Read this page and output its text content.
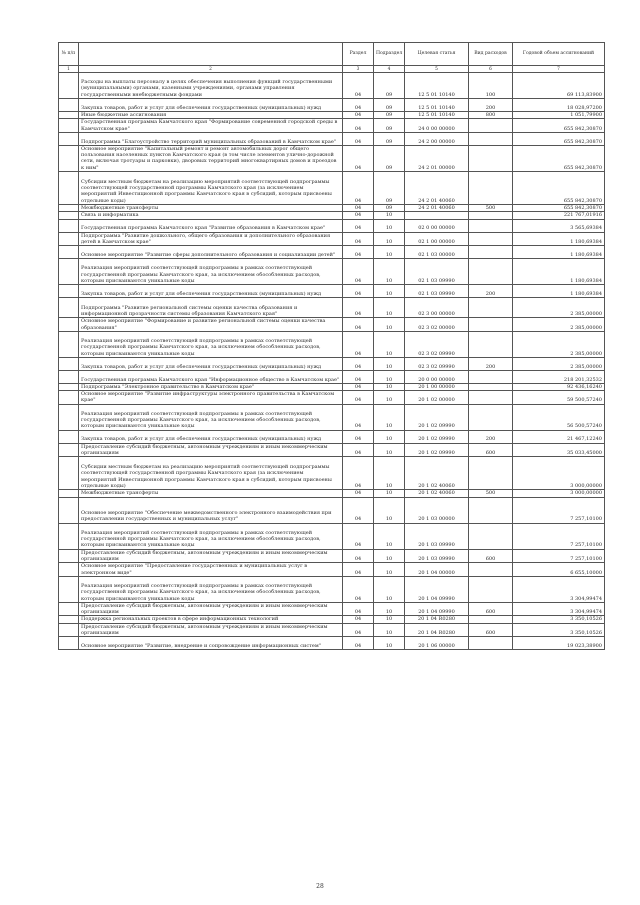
№ п/п		Раздел	Подраздел	Целевая статья	Вид расходов	Годовой объем ассигнований
1	2	3	4	5	6	7
	Расходы на выплаты персоналу в целях обеспечения выполнения функций государственными (муниципальными) органами, казенными учреждениями, органами управления государственными внебюджетными фондами	04	09	12 5 01 10140	100	69 113,83900
	Закупка товаров, работ и услуг для обеспечения государственных (муниципальных) нужд	04	09	12 5 01 10140	200	18 028,97200
	Иные бюджетные ассигнования	04	09	12 5 01 10140	800	1 051,79900
	Государственная программа Камчатского края "Формирование современной городской среды в Камчатском крае"	04	09	24 0 00 00000		655 842,30870
	Подпрограмма "Благоустройство территорий муниципальных образований в Камчатском крае"	04	09	24 2 00 00000		655 842,30870
	Основное мероприятие "Капитальный ремонт и ремонт автомобильных дорог общего пользования населенных пунктов Камчатского края (в том числе элементов улично-дорожной сети, включая тротуары и парковки), дворовых территорий многоквартирных домов и проездов к ним"	04	09	24 2 01 00000		655 842,30870
	Субсидии местным бюджетам на реализацию мероприятий соответствующей подпрограммы соответствующей государственной программы Камчатского края (за исключением мероприятий Инвестиционной программы Камчатского края в субсидий, которым присвоены отдельные коды)	04	09	24 2 01 40060		655 842,30870
	Межбюджетные трансферты	04	09	24 2 01 40060	500	655 842,30870
	Связь и информатика	04	10			221 767,01916
	Государственная программа Камчатского края "Развитие образования в Камчатском крае"	04	10	02 0 00 00000		3 565,69384
	Подпрограмма "Развитие дошкольного, общего образования и дополнительного образования детей в Камчатском крае"	04	10	02 1 00 00000		1 180,69384
	Основное мероприятие "Развитие сферы дополнительного образования и социализации детей"	04	10	02 1 03 00000		1 180,69384
	Реализация мероприятий соответствующей подпрограммы в рамках соответствующей государственной программы Камчатского края, за исключением обособленных расходов, которым присваиваются уникальные коды	04	10	02 1 03 09990		1 180,69384
	Закупка товаров, работ и услуг для обеспечения государственных (муниципальных) нужд	04	10	02 1 03 09990	200	1 180,69384
	Подпрограмма "Развитие региональной системы оценки качества образования и информационной прозрачности системы образования Камчатского края"	04	10	02 3 00 00000		2 385,00000
	Основное мероприятие "Формирование и развитие региональной системы оценки качества образования"	04	10	02 3 02 00000		2 385,00000
	Реализация мероприятий соответствующей подпрограммы в рамках соответствующей государственной программы Камчатского края, за исключением обособленных расходов, которым присваиваются уникальные коды	04	10	02 3 02 09990		2 385,00000
	Закупка товаров, работ и услуг для обеспечения государственных (муниципальных) нужд	04	10	02 3 02 09990	200	2 385,00000
	Государственная программа Камчатского края "Информационное общество в Камчатском крае"	04	10	20 0 00 00000		218 201,32532
	Подпрограмма "Электронное правительство в Камчатском крае"	04	10	20 1 00 00000		92 436,16240
	Основное мероприятие "Развитие инфраструктуры электронного правительства в Камчатском крае"	04	10	20 1 02 00000		59 500,57240
	Реализация мероприятий соответствующей подпрограммы в рамках соответствующей государственной программы Камчатского края, за исключением обособленных расходов, которым присваиваются уникальные коды	04	10	20 1 02 09990		56 500,57240
	Закупка товаров, работ и услуг для обеспечения государственных (муниципальных) нужд	04	10	20 1 02 09990	200	21 467,12240
	Предоставление субсидий бюджетным, автономным учреждениям и иным некоммерческим организациям	04	10	20 1 02 09990	600	35 033,45000
	Субсидии местным бюджетам на реализацию мероприятий соответствующей подпрограммы соответствующей государственной программы Камчатского края (за исключением мероприятий Инвестиционной программы Камчатского края в субсидий, которым присвоены отдельные коды)	04	10	20 1 02 40060		3 000,00000
	Межбюджетные трансферты	04	10	20 1 02 40060	500	3 000,00000
	Основное мероприятие "Обеспечение межведомственного электронного взаимодействия при предоставлении государственных и муниципальных услуг"	04	10	20 1 03 00000		7 257,10100
	Реализация мероприятий соответствующей подпрограммы в рамках соответствующей государственной программы Камчатского края, за исключением обособленных расходов, которым присваиваются уникальные коды	04	10	20 1 03 09990		7 257,10100
	Предоставление субсидий бюджетным, автономным учреждениям и иным некоммерческим организациям	04	10	20 1 03 09990	600	7 257,10100
	Основное мероприятие "Предоставление государственных и муниципальных услуг в электронном виде"	04	10	20 1 04 00000		6 655,10000
	Реализация мероприятий соответствующей подпрограммы в рамках соответствующей государственной программы Камчатского края, за исключением обособленных расходов, которым присваиваются уникальные коды	04	10	20 1 04 09990		3 304,99474
	Предоставление субсидий бюджетным, автономным учреждениям и иным некоммерческим организациям	04	10	20 1 04 09990	600	3 304,99474
	Поддержка региональных проектов в сфере информационных технологий	04	10	20 1 04 R0280		3 350,10526
	Предоставление субсидий бюджетным, автономным учреждениям и иным некоммерческим организациям	04	10	20 1 04 R0280	600	3 350,10526
	Основное мероприятие "Развитие, внедрение и сопровождение информационных систем"	04	10	20 1 06 00000		19 023,38900
28
